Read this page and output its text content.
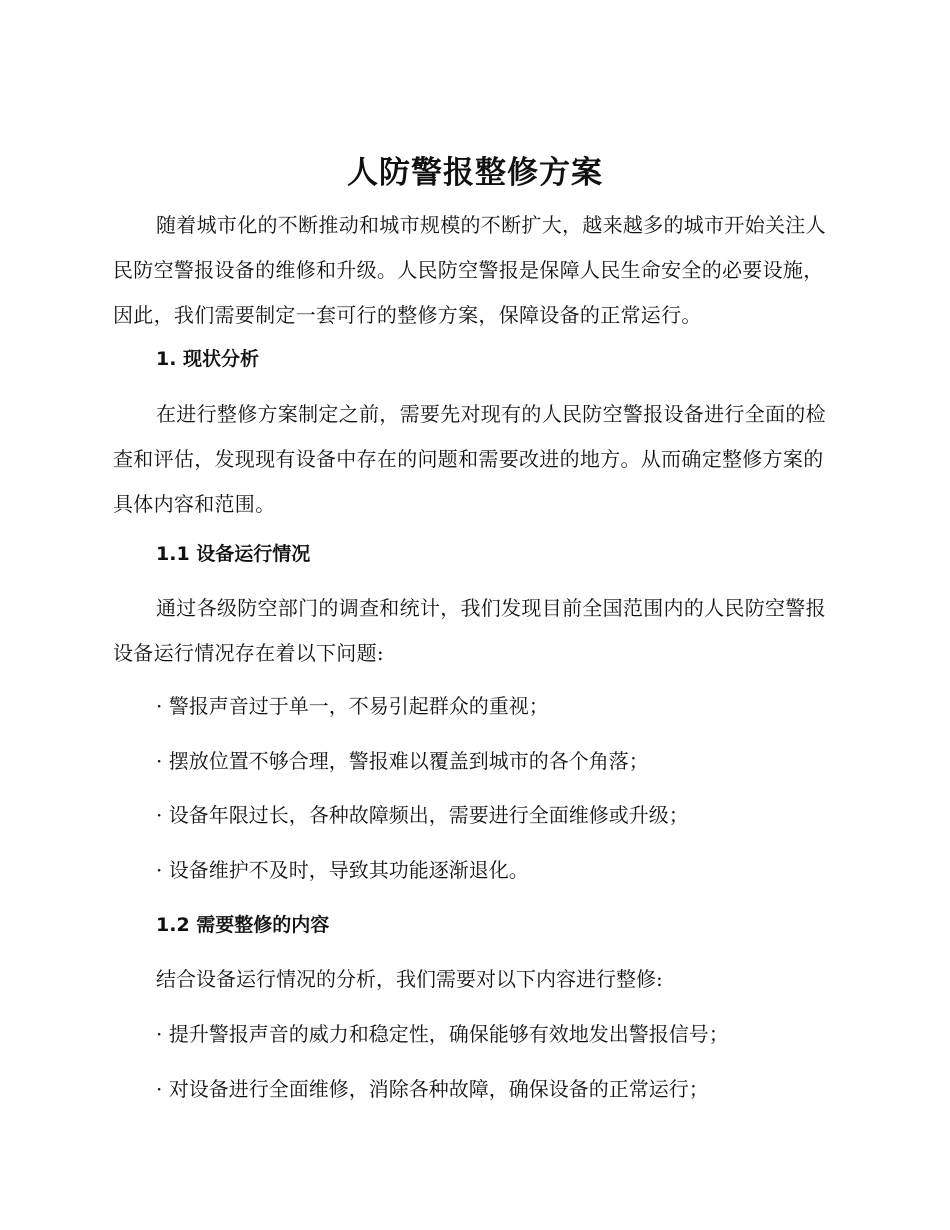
人防警报整修方案
随着城市化的不断推动和城市规模的不断扩大，越来越多的城市开始关注人民防空警报设备的维修和升级。人民防空警报是保障人民生命安全的必要设施，因此，我们需要制定一套可行的整修方案，保障设备的正常运行。
1. 现状分析
在进行整修方案制定之前，需要先对现有的人民防空警报设备进行全面的检查和评估，发现现有设备中存在的问题和需要改进的地方。从而确定整修方案的具体内容和范围。
1.1 设备运行情况
通过各级防空部门的调查和统计，我们发现目前全国范围内的人民防空警报设备运行情况存在着以下问题:
· 警报声音过于单一，不易引起群众的重视；
· 摆放位置不够合理，警报难以覆盖到城市的各个角落；
· 设备年限过长，各种故障频出，需要进行全面维修或升级；
· 设备维护不及时，导致其功能逐渐退化。
1.2 需要整修的内容
结合设备运行情况的分析，我们需要对以下内容进行整修:
· 提升警报声音的威力和稳定性，确保能够有效地发出警报信号；
· 对设备进行全面维修，消除各种故障，确保设备的正常运行；
